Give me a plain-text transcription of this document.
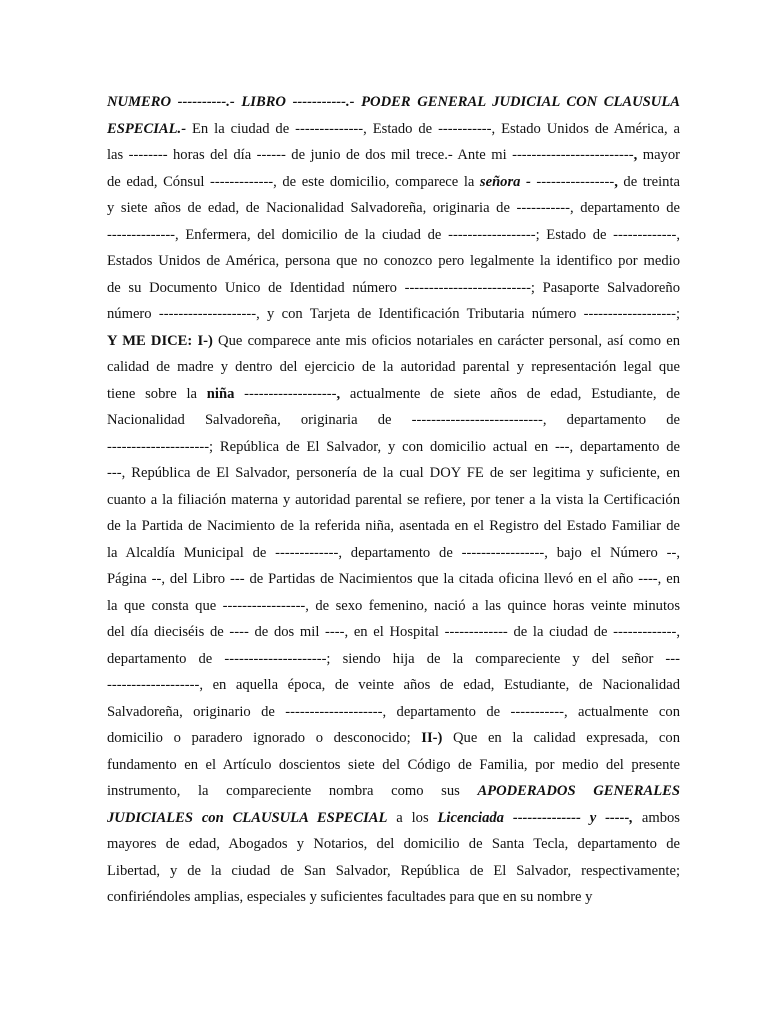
NUMERO ----------.- LIBRO -----------.- PODER GENERAL JUDICIAL CON CLAUSULA
ESPECIAL.- En la ciudad de --------------, Estado de -----------, Estado Unidos de América, a
las -------- horas del día ------ de junio de dos mil trece.- Ante mi -------------------------, mayor
de edad, Cónsul -------------, de este domicilio, comparece la señora - ----------------, de treinta
y siete años de edad, de Nacionalidad Salvadoreña, originaria de -----------, departamento de
--------------, Enfermera, del domicilio de la ciudad de ------------------; Estado de -------------,
Estados Unidos de América, persona que no conozco pero legalmente la identifico por medio
de su Documento Unico de Identidad número --------------------------; Pasaporte Salvadoreño
número --------------------, y con Tarjeta de Identificación Tributaria número -------------------;
Y ME DICE: I-) Que comparece ante mis oficios notariales en carácter personal, así como en
calidad de madre y dentro del ejercicio de la autoridad parental y representación legal que
tiene sobre la niña -------------------, actualmente de siete años de edad, Estudiante, de
Nacionalidad Salvadoreña, originaria de ---------------------------, departamento de
---------------------; República de El Salvador, y con domicilio actual en ---, departamento de
---, República de El Salvador, personería de la cual DOY FE de ser legitima y suficiente, en
cuanto a la filiación materna y autoridad parental se refiere, por tener a la vista la Certificación
de la Partida de Nacimiento de la referida niña, asentada en el Registro del Estado Familiar de
la Alcaldía Municipal de -------------, departamento de -----------------, bajo el Número --,
Página --, del Libro --- de Partidas de Nacimientos que la citada oficina llevó en el año ----, en
la que consta que -----------------, de sexo femenino, nació a las quince horas veinte minutos
del día dieciséis de ---- de dos mil ----, en el Hospital ------------- de la ciudad de -------------,
departamento de ---------------------; siendo hija de la compareciente y del señor ---
-------------------, en aquella época, de veinte años de edad, Estudiante, de Nacionalidad
Salvadoreña, originario de --------------------, departamento de -----------, actualmente con
domicilio o paradero ignorado o desconocido; II-) Que en la calidad expresada, con
fundamento en el Artículo doscientos siete del Código de Familia, por medio del presente
instrumento, la compareciente nombra como sus APODERADOS GENERALES
JUDICIALES con CLAUSULA ESPECIAL a los Licenciada -------------- y -----, ambos
mayores de edad, Abogados y Notarios, del domicilio de Santa Tecla, departamento de
Libertad, y de la ciudad de San Salvador, República de El Salvador, respectivamente;
confiriéndoles amplias, especiales y suficientes facultades para que en su nombre y
